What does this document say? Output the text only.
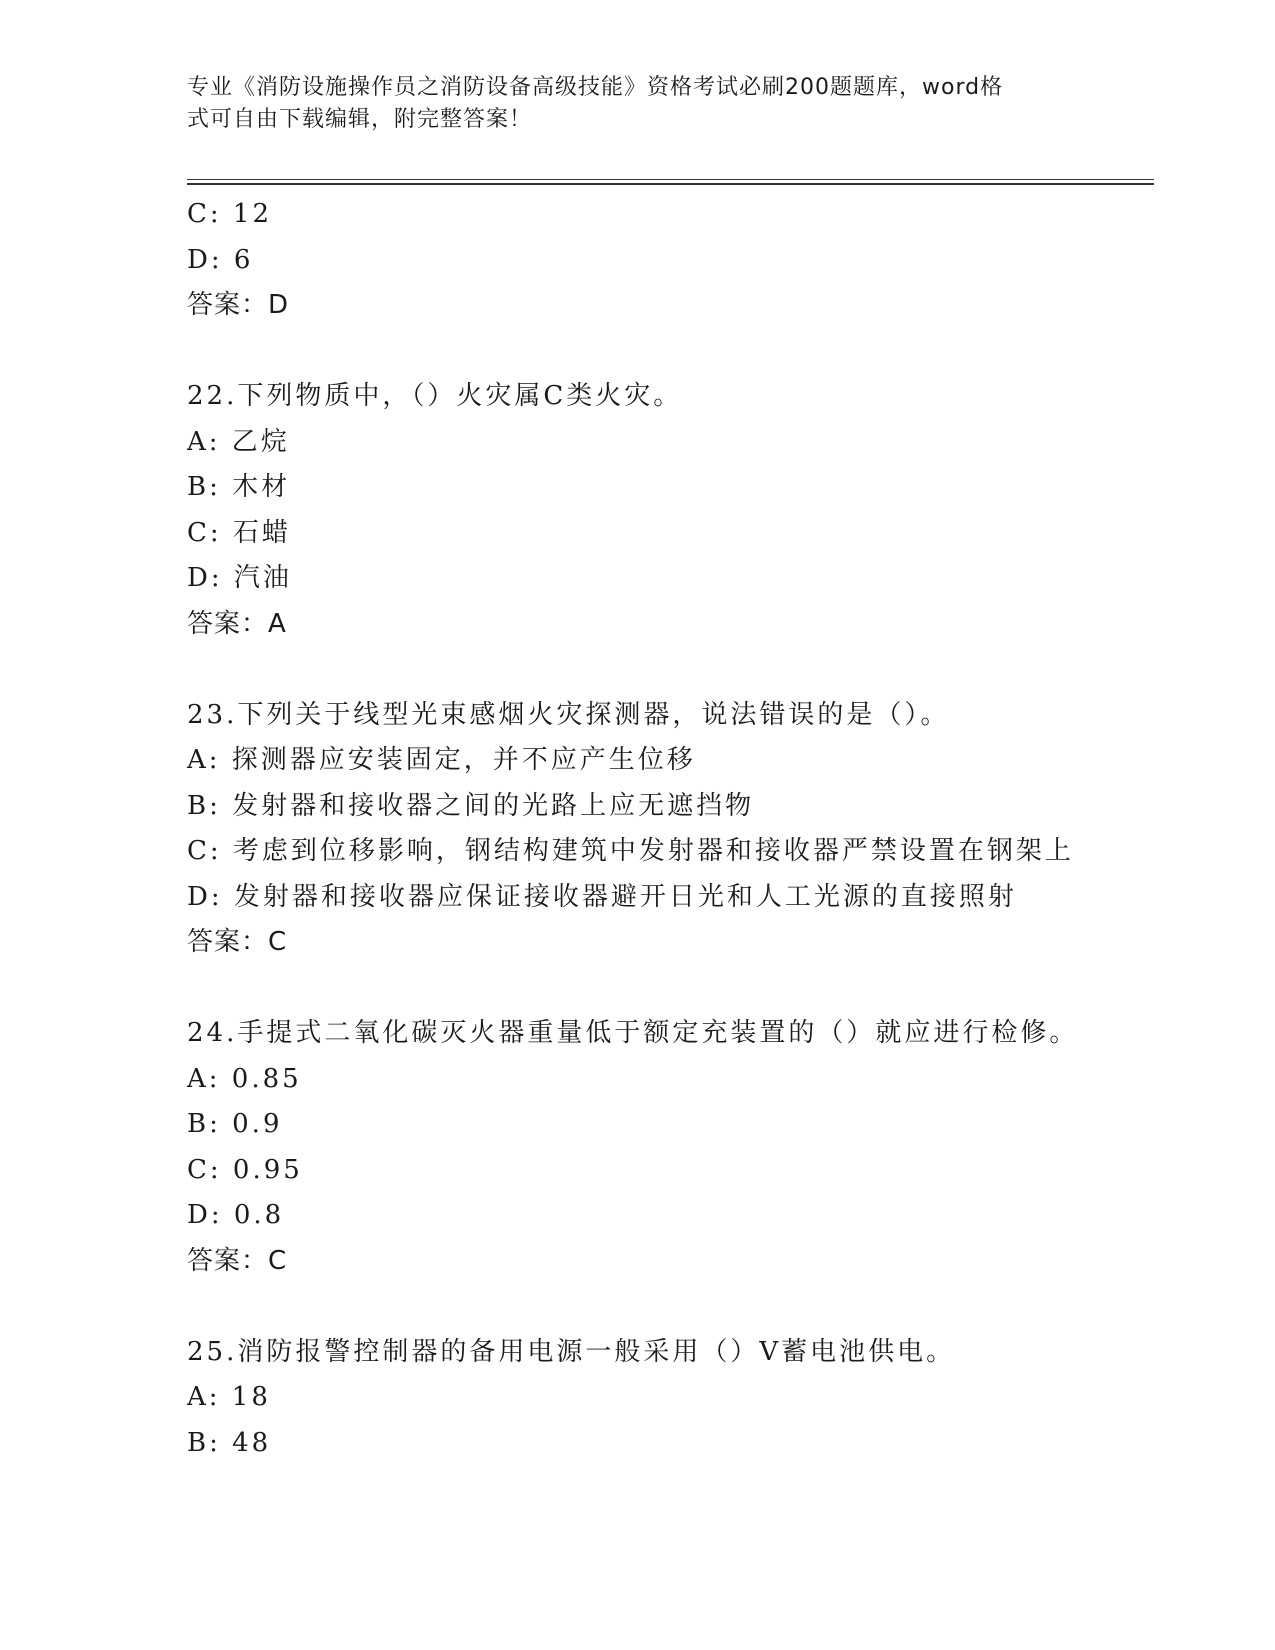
专业《消防设施操作员之消防设备高级技能》资格考试必刷200题题库，word格
式可自由下载编辑，附完整答案！
C: 12
D: 6
答案：D
22.下列物质中，（）火灾属C类火灾。
A: 乙烷
B: 木材
C: 石蜡
D: 汽油
答案：A
23.下列关于线型光束感烟火灾探测器，说法错误的是（）。
A: 探测器应安装固定，并不应产生位移
B: 发射器和接收器之间的光路上应无遮挡物
C: 考虑到位移影响，钢结构建筑中发射器和接收器严禁设置在钢架上
D: 发射器和接收器应保证接收器避开日光和人工光源的直接照射
答案：C
24.手提式二氧化碳灭火器重量低于额定充装置的（）就应进行检修。
A: 0.85
B: 0.9
C: 0.95
D: 0.8
答案：C
25.消防报警控制器的备用电源一般采用（）V蓄电池供电。
A: 18
B: 48
